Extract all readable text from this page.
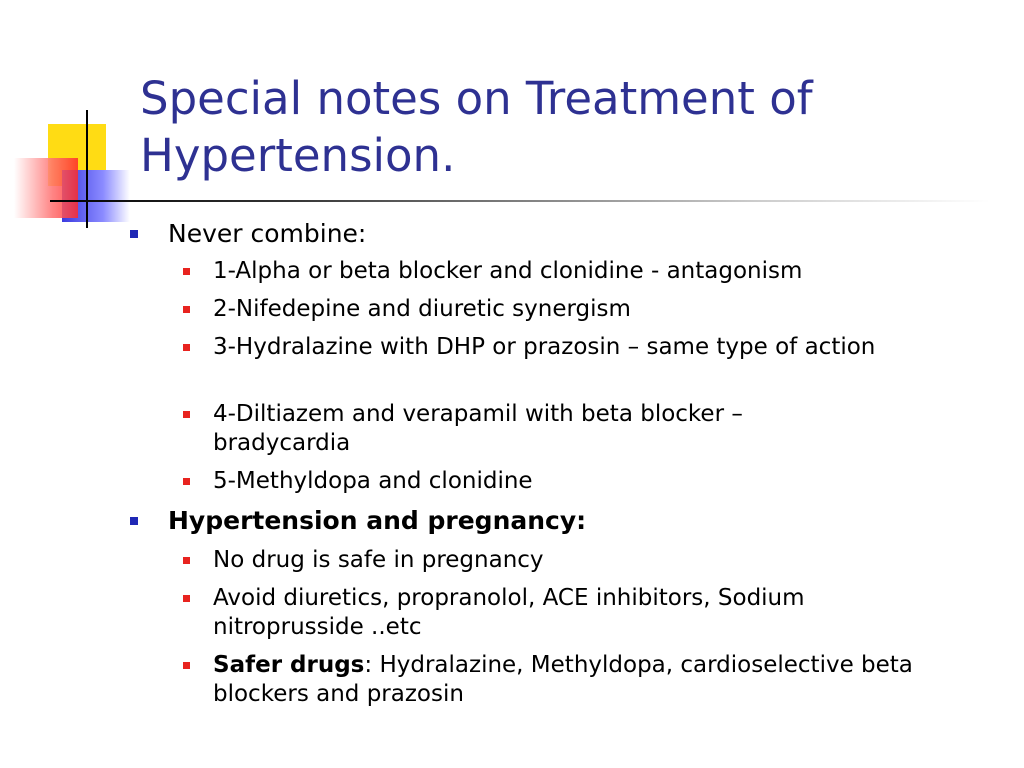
Special notes on Treatment of
Hypertension.
Never combine:
1-Alpha or beta blocker and clonidine - antagonism
2-Nifedepine and diuretic synergism
3-Hydralazine with DHP or prazosin – same type of action
4-Diltiazem and verapamil with beta blocker – bradycardia
5-Methyldopa and clonidine
Hypertension and pregnancy:
No drug is safe in pregnancy
Avoid diuretics, propranolol, ACE inhibitors, Sodium nitroprusside ..etc
Safer drugs: Hydralazine, Methyldopa, cardioselective beta blockers and prazosin
